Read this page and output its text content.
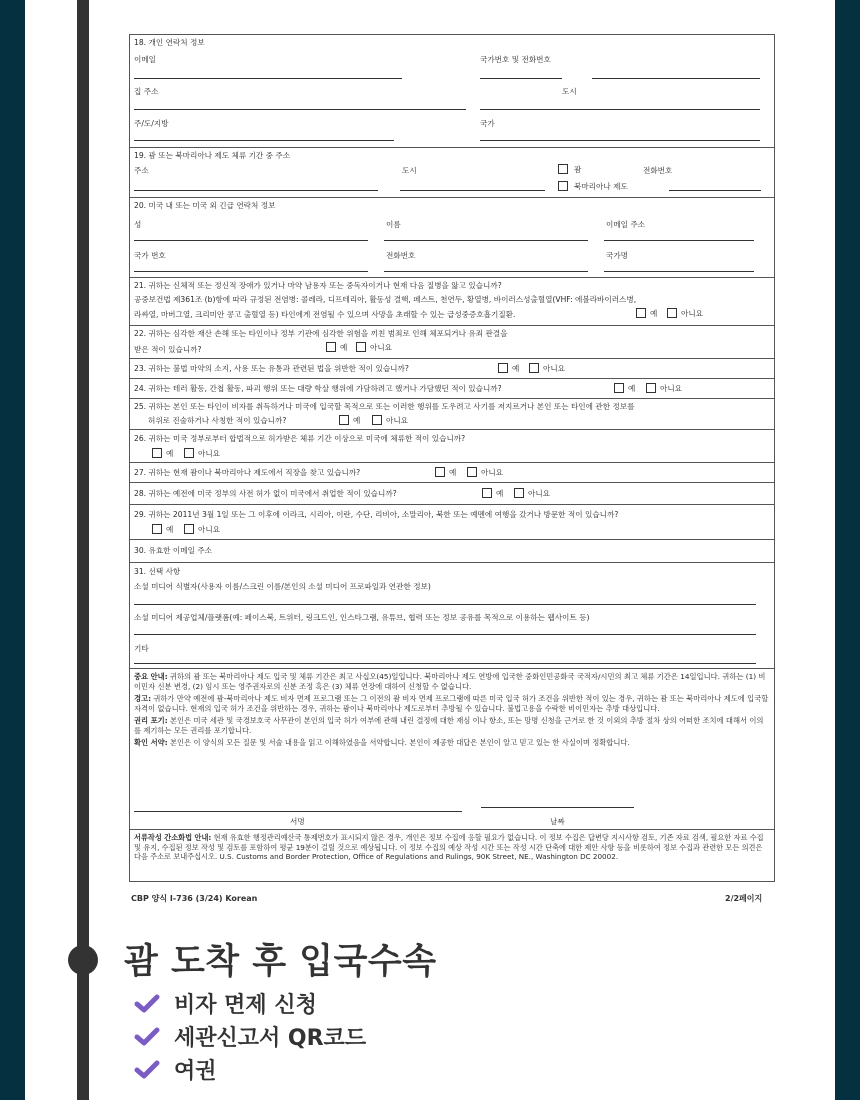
18. 개인 연락처 정보
이메일	국가번호 및 전화번호
집 주소	도시
주/도/지방	국가
19. 괌 또는 북마리아나 제도 체류 기간 중 주소
주소	도시	괌	전화번호
북마리아나 제도
20. 미국 내 또는 미국 외 긴급 연락처 정보
성	이름	이메일 주소
국가 번호	전화번호	국가명
21. 귀하는 신체적 또는 정신적 장애가 있거나 마약 남용자 또는 중독자이거나 현재 다음 질병을 앓고 있습니까?
공중보건법 제361조 (b)항에 따라 규정된 전염병: 콜레라, 디프테리아, 활동성 결핵, 페스트, 천연두, 황열병, 바이러스성출혈열(VHF: 에볼라바이러스병,
라싸열, 마버그열, 크리미안 콩고 출혈열 등) 타인에게 전염될 수 있으며 사망을 초래할 수 있는 급성중증호흡기질환.	예	아니요
22. 귀하는 심각한 재산 손해 또는 타인이나 정부 기관에 심각한 위험을 끼친 범죄로 인해 체포되거나 유죄 판결을
받은 적이 있습니까?	예	아니요
23. 귀하는 불법 마약의 소지, 사용 또는 유통과 관련된 법을 위반한 적이 있습니까?	예	아니요
24. 귀하는 테러 활동, 간첩 활동, 파괴 행위 또는 대량 학살 행위에 가담하려고 했거나 가담했던 적이 있습니까?	예	아니요
25. 귀하는 본인 또는 타인이 비자를 취득하거나 미국에 입국할 목적으로 또는 이러한 행위를 도우려고 사기를 저지르거나 본인 또는 타인에 관한 정보를
허위로 진술하거나 사칭한 적이 있습니까?	예	아니요
26. 귀하는 미국 정부로부터 합법적으로 허가받은 체류 기간 이상으로 미국에 체류한 적이 있습니까?
예	아니요
27. 귀하는 현재 괌이나 북마리아나 제도에서 직장을 찾고 있습니까?	예	아니요
28. 귀하는 예전에 미국 정부의 사전 허가 없이 미국에서 취업한 적이 있습니까?	예	아니요
29. 귀하는 2011년 3월 1일 또는 그 이후에 이라크, 시리아, 이란, 수단, 리비아, 소말리아, 북한 또는 예멘에 여행을 갔거나 방문한 적이 있습니까?
예	아니요
30. 유효한 이메일 주소
31. 선택 사항
소셜 미디어 식별자(사용자 이름/스크린 이름/본인의 소셜 미디어 프로파일과 연관한 정보)
소셜 미디어 제공업체/플랫폼(예: 페이스북, 트위터, 링크드인, 인스타그램, 유튜브, 협력 또는 정보 공유를 목적으로 이용하는 웹사이트 등)
기타

중요 안내: 귀하의 괌 또는 북마리아나 제도 입국 및 체류 기간은 최고 사십오(45)일입니다. 북마리아나 제도 연방에 입국한 중화인민공화국 국적자/시민의 최고 체류 기간은 14일입니다. 귀하는 (1) 비이민자 신분 변경, (2) 임시 또는 영주권자로의 신분 조정 혹은 (3) 체류 연장에 대하여 신청할 수 없습니다.

경고: 귀하가 만약 예전에 괌-북마리아나 제도 비자 면제 프로그램 또는 그 이전의 괌 비자 면제 프로그램에 따른 미국 입국 허가 조건을 위반한 적이 있는 경우, 귀하는 괌 또는 북마리아나 제도에 입국할 자격이 없습니다. 현재의 입국 허가 조건을 위반하는 경우, 귀하는 괌이나 북마리아나 제도로부터 추방될 수 있습니다. 불법고용을 수락한 비이민자는 추방 대상입니다.

권리 포기: 본인은 미국 세관 및 국경보호국 사무관이 본인의 입국 허가 여부에 관해 내린 결정에 대한 재심 이나 항소, 또는 망명 신청을 근거로 한 것 이외의 추방 절차 상의 어떠한 조치에 대해서 이의를 제기하는 모든 권리를 포기합니다.

확인 서약: 본인은 이 양식의 모든 질문 및 서술 내용을 읽고 이해하였음을 서약합니다. 본인이 제공한 대답은 본인이 알고 믿고 있는 한 사실이며 정확합니다.

서명	날짜
서류작성 간소화법 안내: 현재 유효한 행정관리예산국 통제번호가 표시되지 않은 경우, 개인은 정보 수집에 응할 필요가 없습니다. 이 정보 수집은 답변당 지시사항 검토, 기존 자료 검색, 필요한 자료 수집 및 유지, 수집된 정보 작성 및 검토를 포함하여 평균 19분이 걸릴 것으로 예상됩니다. 이 정보 수집의 예상 작성 시간 또는 작성 시간 단축에 대한 제안 사항 등을 비롯하여 정보 수집과 관련한 모든 의견은 다음 주소로 보내주십시오. U.S. Customs and Border Protection, Office of Regulations and Rulings, 90K Street, NE., Washington DC 20002.
CBP 양식 I-736 (3/24) Korean	2/2페이지
괌 도착 후 입국수속
비자 면제 신청
세관신고서 QR코드
여권
